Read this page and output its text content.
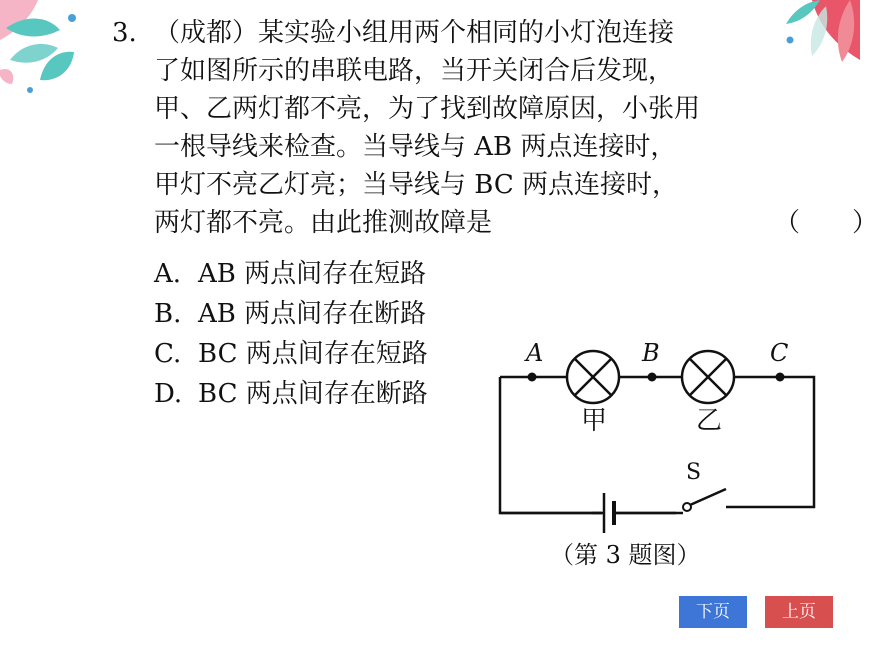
3. （成都）某实验小组用两个相同的小灯泡连接
了如图所示的串联电路，当开关闭合后发现，
甲、乙两灯都不亮，为了找到故障原因，小张用
一根导线来检查。当导线与 AB 两点连接时，
甲灯不亮乙灯亮；当导线与 BC 两点连接时，
两灯都不亮。由此推测故障是	（　　）
A. AB 两点间存在短路
B. AB 两点间存在断路
C. BC 两点间存在短路
D. BC 两点间存在断路
A	B	C
甲	乙
S
（第 3 题图）
下页	上页
